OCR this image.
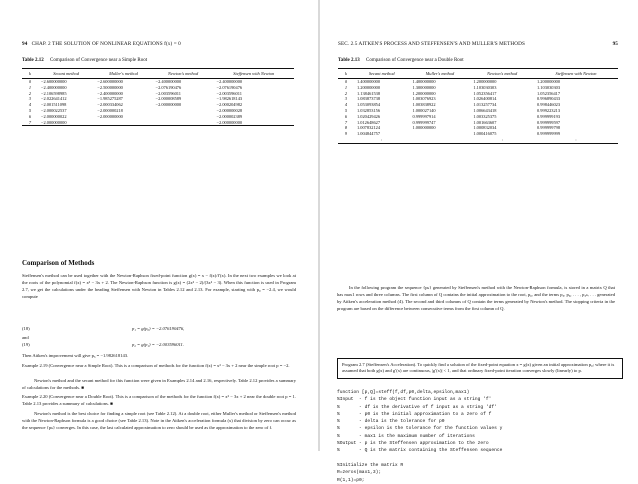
94 CHAP. 2 THE SOLUTION OF NONLINEAR EQUATIONS f(x) = 0
Table 2.12 Comparison of Convergence near a Simple Root
k	Secant method	Muller's method	Newton's method	Steffensen with Newton
0	−2.600000000	−2.600000000	−2.400000000	−2.400000000
1	−2.400000000	−2.500000000	−2.076190476	−2.076190476
2	−2.106598985	−2.400000000	−2.003596011	−2.003596011
3	−2.022641412	−1.985275287	−2.000008589	−1.982618143
4	−2.001511098	−2.000334062	−2.000000000	−2.000204982
5	−2.000022537	−2.000000218		−2.000000028
6	−2.000000022	−2.000000000		−2.000002389
7	−2.000000000			−2.000000000
Comparison of Methods
Steffensen's method can be used together with the Newton-Raphson fixed-point function g(x) = x − f(x)/f′(x). In the next two examples we look at the roots of the polynomial f(x) = x³ − 3x + 2. The Newton-Raphson function is g(x) = (2x³ − 2)/(3x² − 3). When this function is used in Program 2.7, we get the calculations under the heading Steffensen with Newton in Tables 2.12 and 2.13. For example, starting with p₀ = −2.4, we would compute
(18)	p₁ = g(p₀) = −2.076190476,
and
(19)	p₂ = g(p₁) = −2.003596011.
Then Aitken's improvement will give p₃ = −1.982618143.
Example 2.19 (Convergence near a Simple Root). This is a comparison of methods for the function f(x) = x³ − 3x + 2 near the simple root p = −2.
Newton's method and the secant method for this function were given in Examples 2.14 and 2.16, respectively. Table 2.12 provides a summary of calculations for the methods. ■
Example 2.20 (Convergence near a Double Root). This is a comparison of the methods for the function f(x) = x³ − 3x + 2 near the double root p = 1. Table 2.13 provides a summary of calculations. ■
Newton's method is the best choice for finding a simple root (see Table 2.12). At a double root, either Muller's method or Steffensen's method with the Newton-Raphson formula is a good choice (see Table 2.13). Note in the Aitken's acceleration formula (x) that division by zero can occur as the sequence {pₖ} converges. In this case, the last calculated approximation to zero should be used as the approximation to the zero of f.
SEC. 2.5 AITKEN'S PROCESS AND STEFFENSEN'S AND MULLER'S METHODS	95
Table 2.13 Comparison of Convergence near a Double Root
k	Secant method	Muller's method	Newton's method	Steffensen with Newton
0	1.400000000	1.400000000	1.200000000	1.200000000
1	1.200000000	1.300000000	1.103030303	1.103030303
2	1.138461538	1.200000000	1.052356417	1.052356417
3	1.083873738	1.003076923	1.026400814	0.996890433
4	1.053093854	1.003838922	1.013257734	0.998446023
5	1.032853156	1.000027140	1.006643418	0.999223213
6	1.020429426	0.999997914	1.003325375	0.999999193
7	1.012648627	0.999999747	1.001663607	0.999999597
8	1.007832124	1.000000000	1.000832034	0.999999798
9	1.004844757		1.000416075	0.999999999
	:		:	:
In the following program the sequence {pₖ} generated by Steffensen's method with the Newton-Raphson formula, is stored in a matrix Q that has max1 rows and three columns. The first column of Q contains the initial approximation to the root, p₀, and the terms p₃, p₆, . . . , p₃ₖ, . . . generated by Aitken's acceleration method (4). The second and third columns of Q contain the terms generated by Newton's method. The stopping criteria in the program are based on the difference between consecutive terms from the first column of Q.
Program 2.7 (Steffensen's Acceleration). To quickly find a solution of the fixed-point equation x = g(x) given an initial approximation p₀; where it is assumed that both g(x) and g′(x) are continuous, |g′(x)| < 1, and that ordinary fixed-point iteration converges slowly (linearly) to p.
function [p,Q]=steff(f,df,p0,delta,epsilon,max1)
%Input  - f is the object function input as a string 'f'
%       - df is the derivative of f input as a string 'df'
%       - p0 is the initial approximation to a zero of f
%       - delta is the tolerance for p0
%       - epsilon is the tolerance for the function values y
%       - max1 is the maximum number of iterations
%Output - p is the Steffensen approximation to the zero
%       - Q is the matrix containing the Steffensen sequence

%Initialize the matrix R
R=zeros(max1,3);
R(1,1)=p0;
